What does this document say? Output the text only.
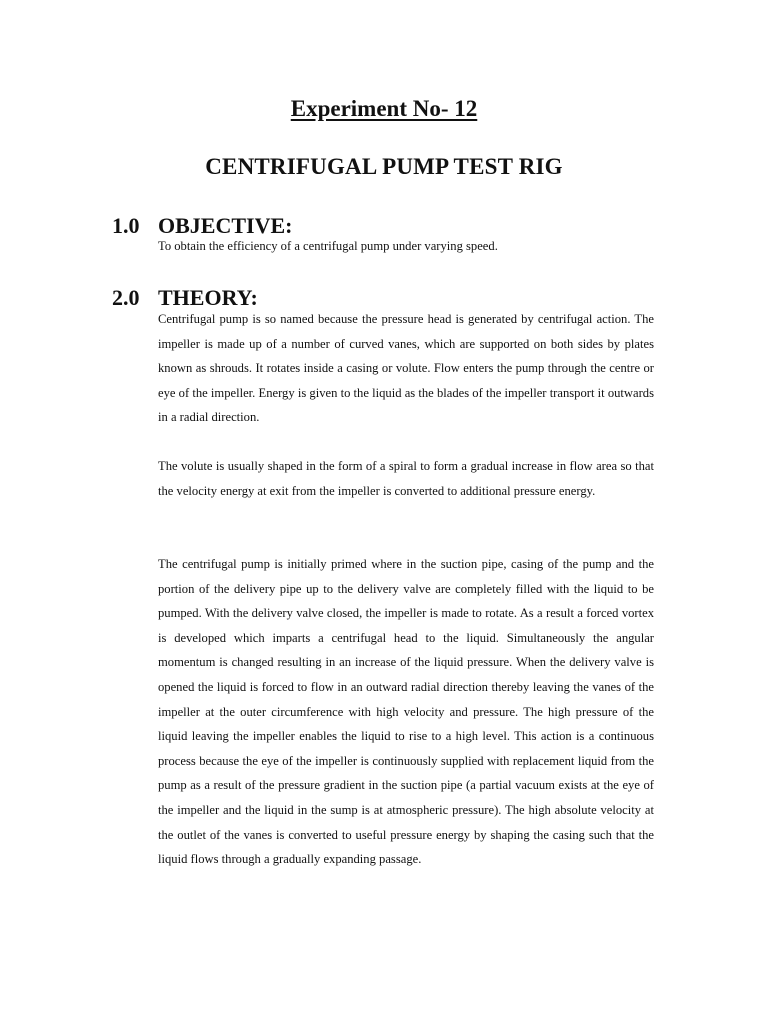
Experiment No- 12
CENTRIFUGAL PUMP TEST RIG
1.0 OBJECTIVE:

To obtain the efficiency of a centrifugal pump under varying speed.

2.0 THEORY:

Centrifugal pump is so named because the pressure head is generated by centrifugal action. The impeller is made up of a number of curved vanes, which are supported on both sides by plates known as shrouds. It rotates inside a casing or volute. Flow enters the pump through the centre or eye of the impeller. Energy is given to the liquid as the blades of the impeller transport it outwards in a radial direction.

The volute is usually shaped in the form of a spiral to form a gradual increase in flow area so that the velocity energy at exit from the impeller is converted to additional pressure energy.

The centrifugal pump is initially primed where in the suction pipe, casing of the pump and the portion of the delivery pipe up to the delivery valve are completely filled with the liquid to be pumped. With the delivery valve closed, the impeller is made to rotate. As a result a forced vortex is developed which imparts a centrifugal head to the liquid. Simultaneously the angular momentum is changed resulting in an increase of the liquid pressure. When the delivery valve is opened the liquid is forced to flow in an outward radial direction thereby leaving the vanes of the impeller at the outer circumference with high velocity and pressure. The high pressure of the liquid leaving the impeller enables the liquid to rise to a high level. This action is a continuous process because the eye of the impeller is continuously supplied with replacement liquid from the pump as a result of the pressure gradient in the suction pipe (a partial vacuum exists at the eye of the impeller and the liquid in the sump is at atmospheric pressure). The high absolute velocity at the outlet of the vanes is converted to useful pressure energy by shaping the casing such that the liquid flows through a gradually expanding passage.
